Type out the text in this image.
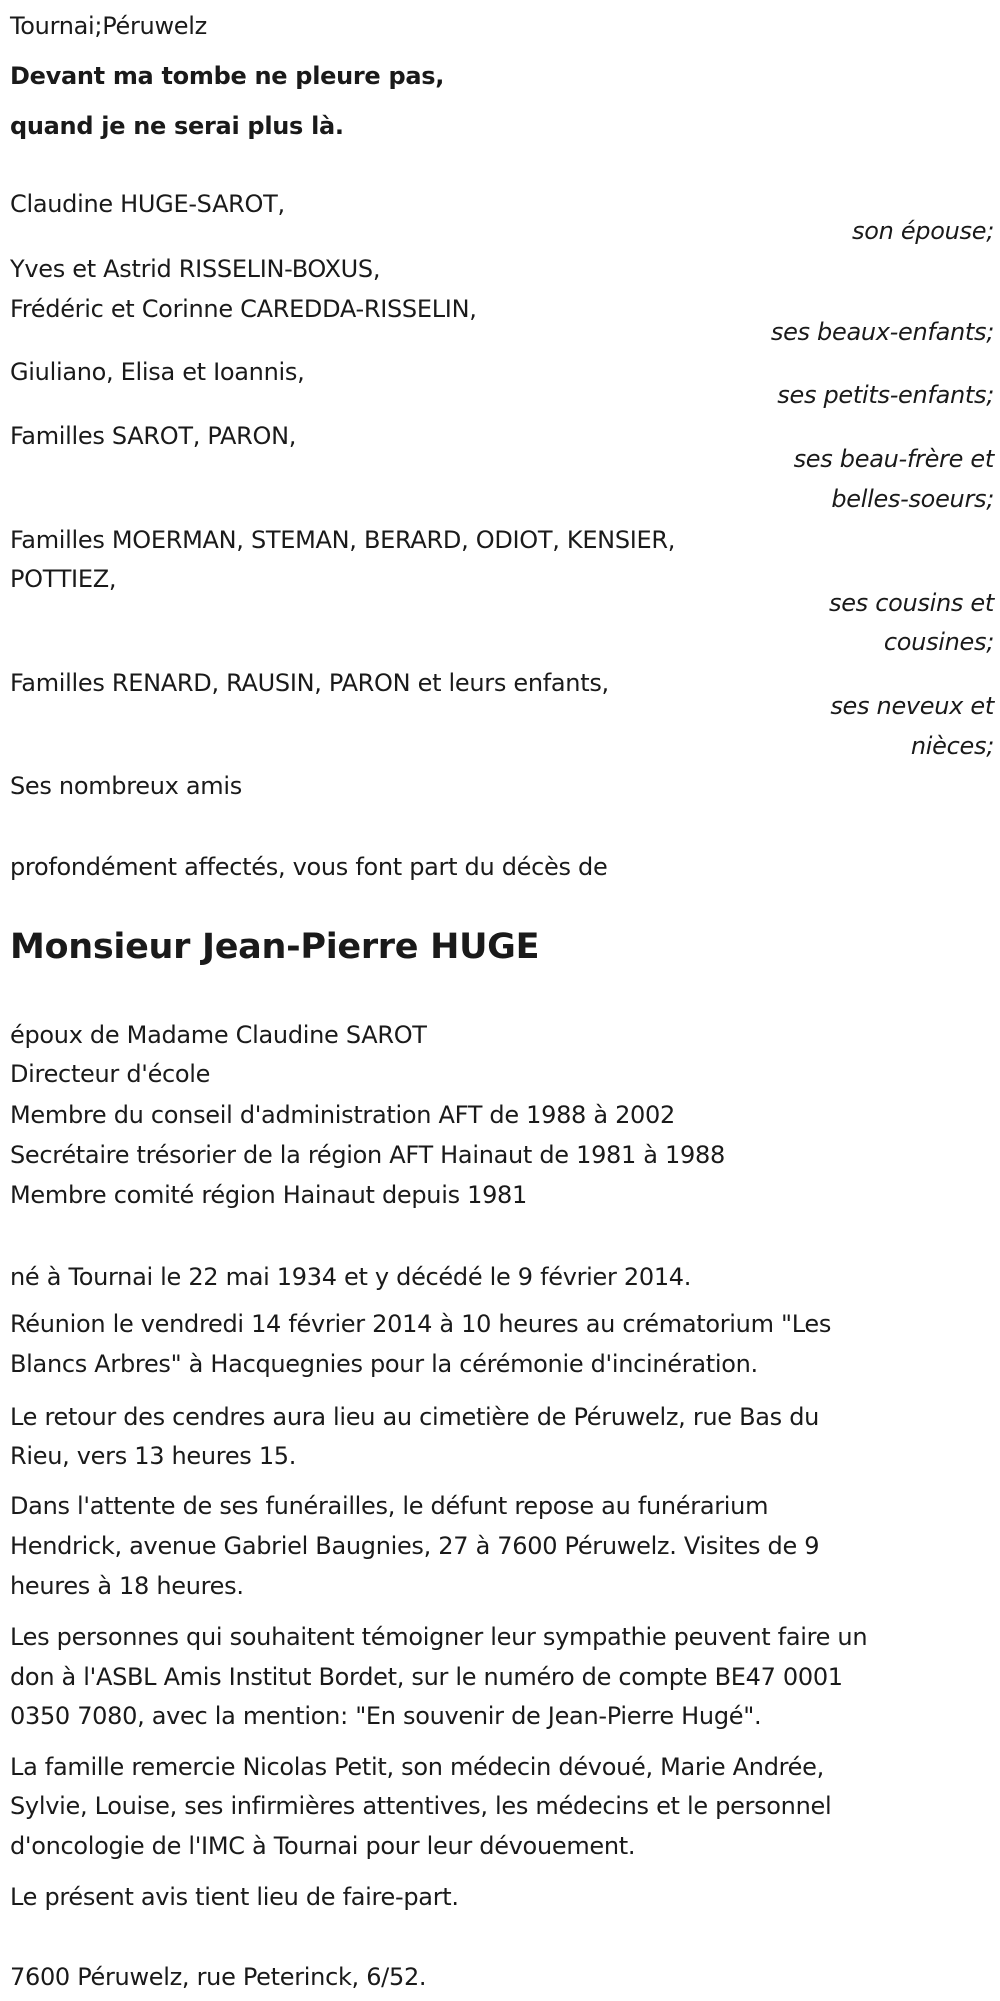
Tournai;Péruwelz
Devant ma tombe ne pleure pas,
quand je ne serai plus là.
Claudine HUGE-SAROT,
son épouse;
Yves et Astrid RISSELIN-BOXUS,
Frédéric et Corinne CAREDDA-RISSELIN,
ses beaux-enfants;
Giuliano, Elisa et Ioannis,
ses petits-enfants;
Familles SAROT, PARON,
ses beau-frère et
belles-soeurs;
Familles MOERMAN, STEMAN, BERARD, ODIOT, KENSIER,
POTTIEZ,
ses cousins et
cousines;
Familles RENARD, RAUSIN, PARON et leurs enfants,
ses neveux et
nièces;
Ses nombreux amis
profondément affectés, vous font part du décès de
Monsieur Jean-Pierre HUGE
époux de Madame Claudine SAROT
Directeur d'école
Membre du conseil d'administration AFT de 1988 à 2002
Secrétaire trésorier de la région AFT Hainaut de 1981 à 1988
Membre comité région Hainaut depuis 1981
né à Tournai le 22 mai 1934 et y décédé le 9 février 2014.
Réunion le vendredi 14 février 2014 à 10 heures au crématorium "Les
Blancs Arbres" à Hacquegnies pour la cérémonie d'incinération.
Le retour des cendres aura lieu au cimetière de Péruwelz, rue Bas du
Rieu, vers 13 heures 15.
Dans l'attente de ses funérailles, le défunt repose au funérarium
Hendrick, avenue Gabriel Baugnies, 27 à 7600 Péruwelz. Visites de 9
heures à 18 heures.
Les personnes qui souhaitent témoigner leur sympathie peuvent faire un
don à l'ASBL Amis Institut Bordet, sur le numéro de compte BE47 0001
0350 7080, avec la mention: "En souvenir de Jean-Pierre Hugé".
La famille remercie Nicolas Petit, son médecin dévoué, Marie Andrée,
Sylvie, Louise, ses infirmières attentives, les médecins et le personnel
d'oncologie de l'IMC à Tournai pour leur dévouement.
Le présent avis tient lieu de faire-part.
7600 Péruwelz, rue Peterinck, 6/52.
